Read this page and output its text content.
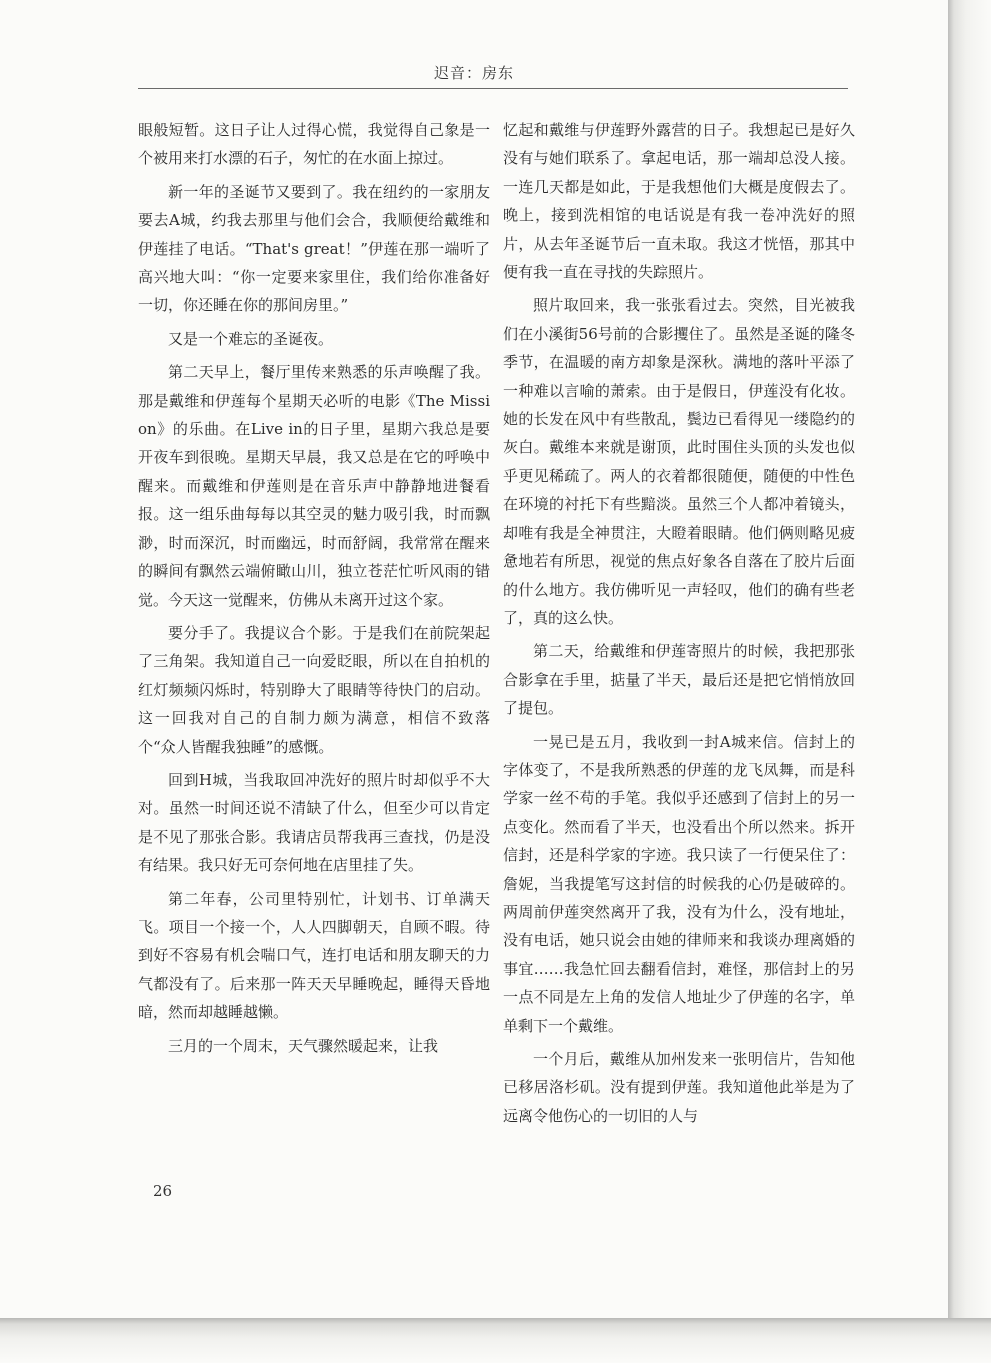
迟音：房东

眼般短暂。这日子让人过得心慌，我觉得自己象是一个被用来打水漂的石子，匆忙的在水面上掠过。

新一年的圣诞节又要到了。我在纽约的一家朋友要去A城，约我去那里与他们会合，我顺便给戴维和伊莲挂了电话。“That's great！”伊莲在那一端听了高兴地大叫：“你一定要来家里住，我们给你准备好一切，你还睡在你的那间房里。”

又是一个难忘的圣诞夜。

第二天早上，餐厅里传来熟悉的乐声唤醒了我。那是戴维和伊莲每个星期天必听的电影《The Mission》的乐曲。在Live in的日子里，星期六我总是要开夜车到很晚。星期天早晨，我又总是在它的呼唤中醒来。而戴维和伊莲则是在音乐声中静静地进餐看报。这一组乐曲每每以其空灵的魅力吸引我，时而飘渺，时而深沉，时而幽远，时而舒阔，我常常在醒来的瞬间有飘然云端俯瞰山川，独立苍茫忙听风雨的错觉。今天这一觉醒来，仿佛从未离开过这个家。

要分手了。我提议合个影。于是我们在前院架起了三角架。我知道自己一向爱眨眼，所以在自拍机的红灯频频闪烁时，特别睁大了眼睛等待快门的启动。这一回我对自己的自制力颇为满意，相信不致落个“众人皆醒我独睡”的感慨。

回到H城，当我取回冲洗好的照片时却似乎不大对。虽然一时间还说不清缺了什么，但至少可以肯定是不见了那张合影。我请店员帮我再三查找，仍是没有结果。我只好无可奈何地在店里挂了失。

第二年春，公司里特别忙，计划书、订单满天飞。项目一个接一个，人人四脚朝天，自顾不暇。待到好不容易有机会喘口气，连打电话和朋友聊天的力气都没有了。后来那一阵天天早睡晚起，睡得天昏地暗，然而却越睡越懒。

三月的一个周末，天气骤然暖起来，让我

忆起和戴维与伊莲野外露营的日子。我想起已是好久没有与她们联系了。拿起电话，那一端却总没人接。一连几天都是如此，于是我想他们大概是度假去了。晚上，接到洗相馆的电话说是有我一卷冲洗好的照片，从去年圣诞节后一直未取。我这才恍悟，那其中便有我一直在寻找的失踪照片。

照片取回来，我一张张看过去。突然，目光被我们在小溪街56号前的合影攫住了。虽然是圣诞的隆冬季节，在温暖的南方却象是深秋。满地的落叶平添了一种难以言喻的萧索。由于是假日，伊莲没有化妆。她的长发在风中有些散乱，鬓边已看得见一缕隐约的灰白。戴维本来就是谢顶，此时围住头顶的头发也似乎更见稀疏了。两人的衣着都很随便，随便的中性色在环境的衬托下有些黯淡。虽然三个人都冲着镜头，却唯有我是全神贯注，大瞪着眼睛。他们俩则略见疲惫地若有所思，视觉的焦点好象各自落在了胶片后面的什么地方。我仿佛听见一声轻叹，他们的确有些老了，真的这么快。

第二天，给戴维和伊莲寄照片的时候，我把那张合影拿在手里，掂量了半天，最后还是把它悄悄放回了提包。

一晃已是五月，我收到一封A城来信。信封上的字体变了，不是我所熟悉的伊莲的龙飞凤舞，而是科学家一丝不苟的手笔。我似乎还感到了信封上的另一点变化。然而看了半天，也没看出个所以然来。拆开信封，还是科学家的字迹。我只读了一行便呆住了：詹妮，当我提笔写这封信的时候我的心仍是破碎的。两周前伊莲突然离开了我，没有为什么，没有地址，没有电话，她只说会由她的律师来和我谈办理离婚的事宜……我急忙回去翻看信封，难怪，那信封上的另一点不同是左上角的发信人地址少了伊莲的名字，单单剩下一个戴维。

一个月后，戴维从加州发来一张明信片，告知他已移居洛杉矶。没有提到伊莲。我知道他此举是为了远离令他伤心的一切旧的人与

26
